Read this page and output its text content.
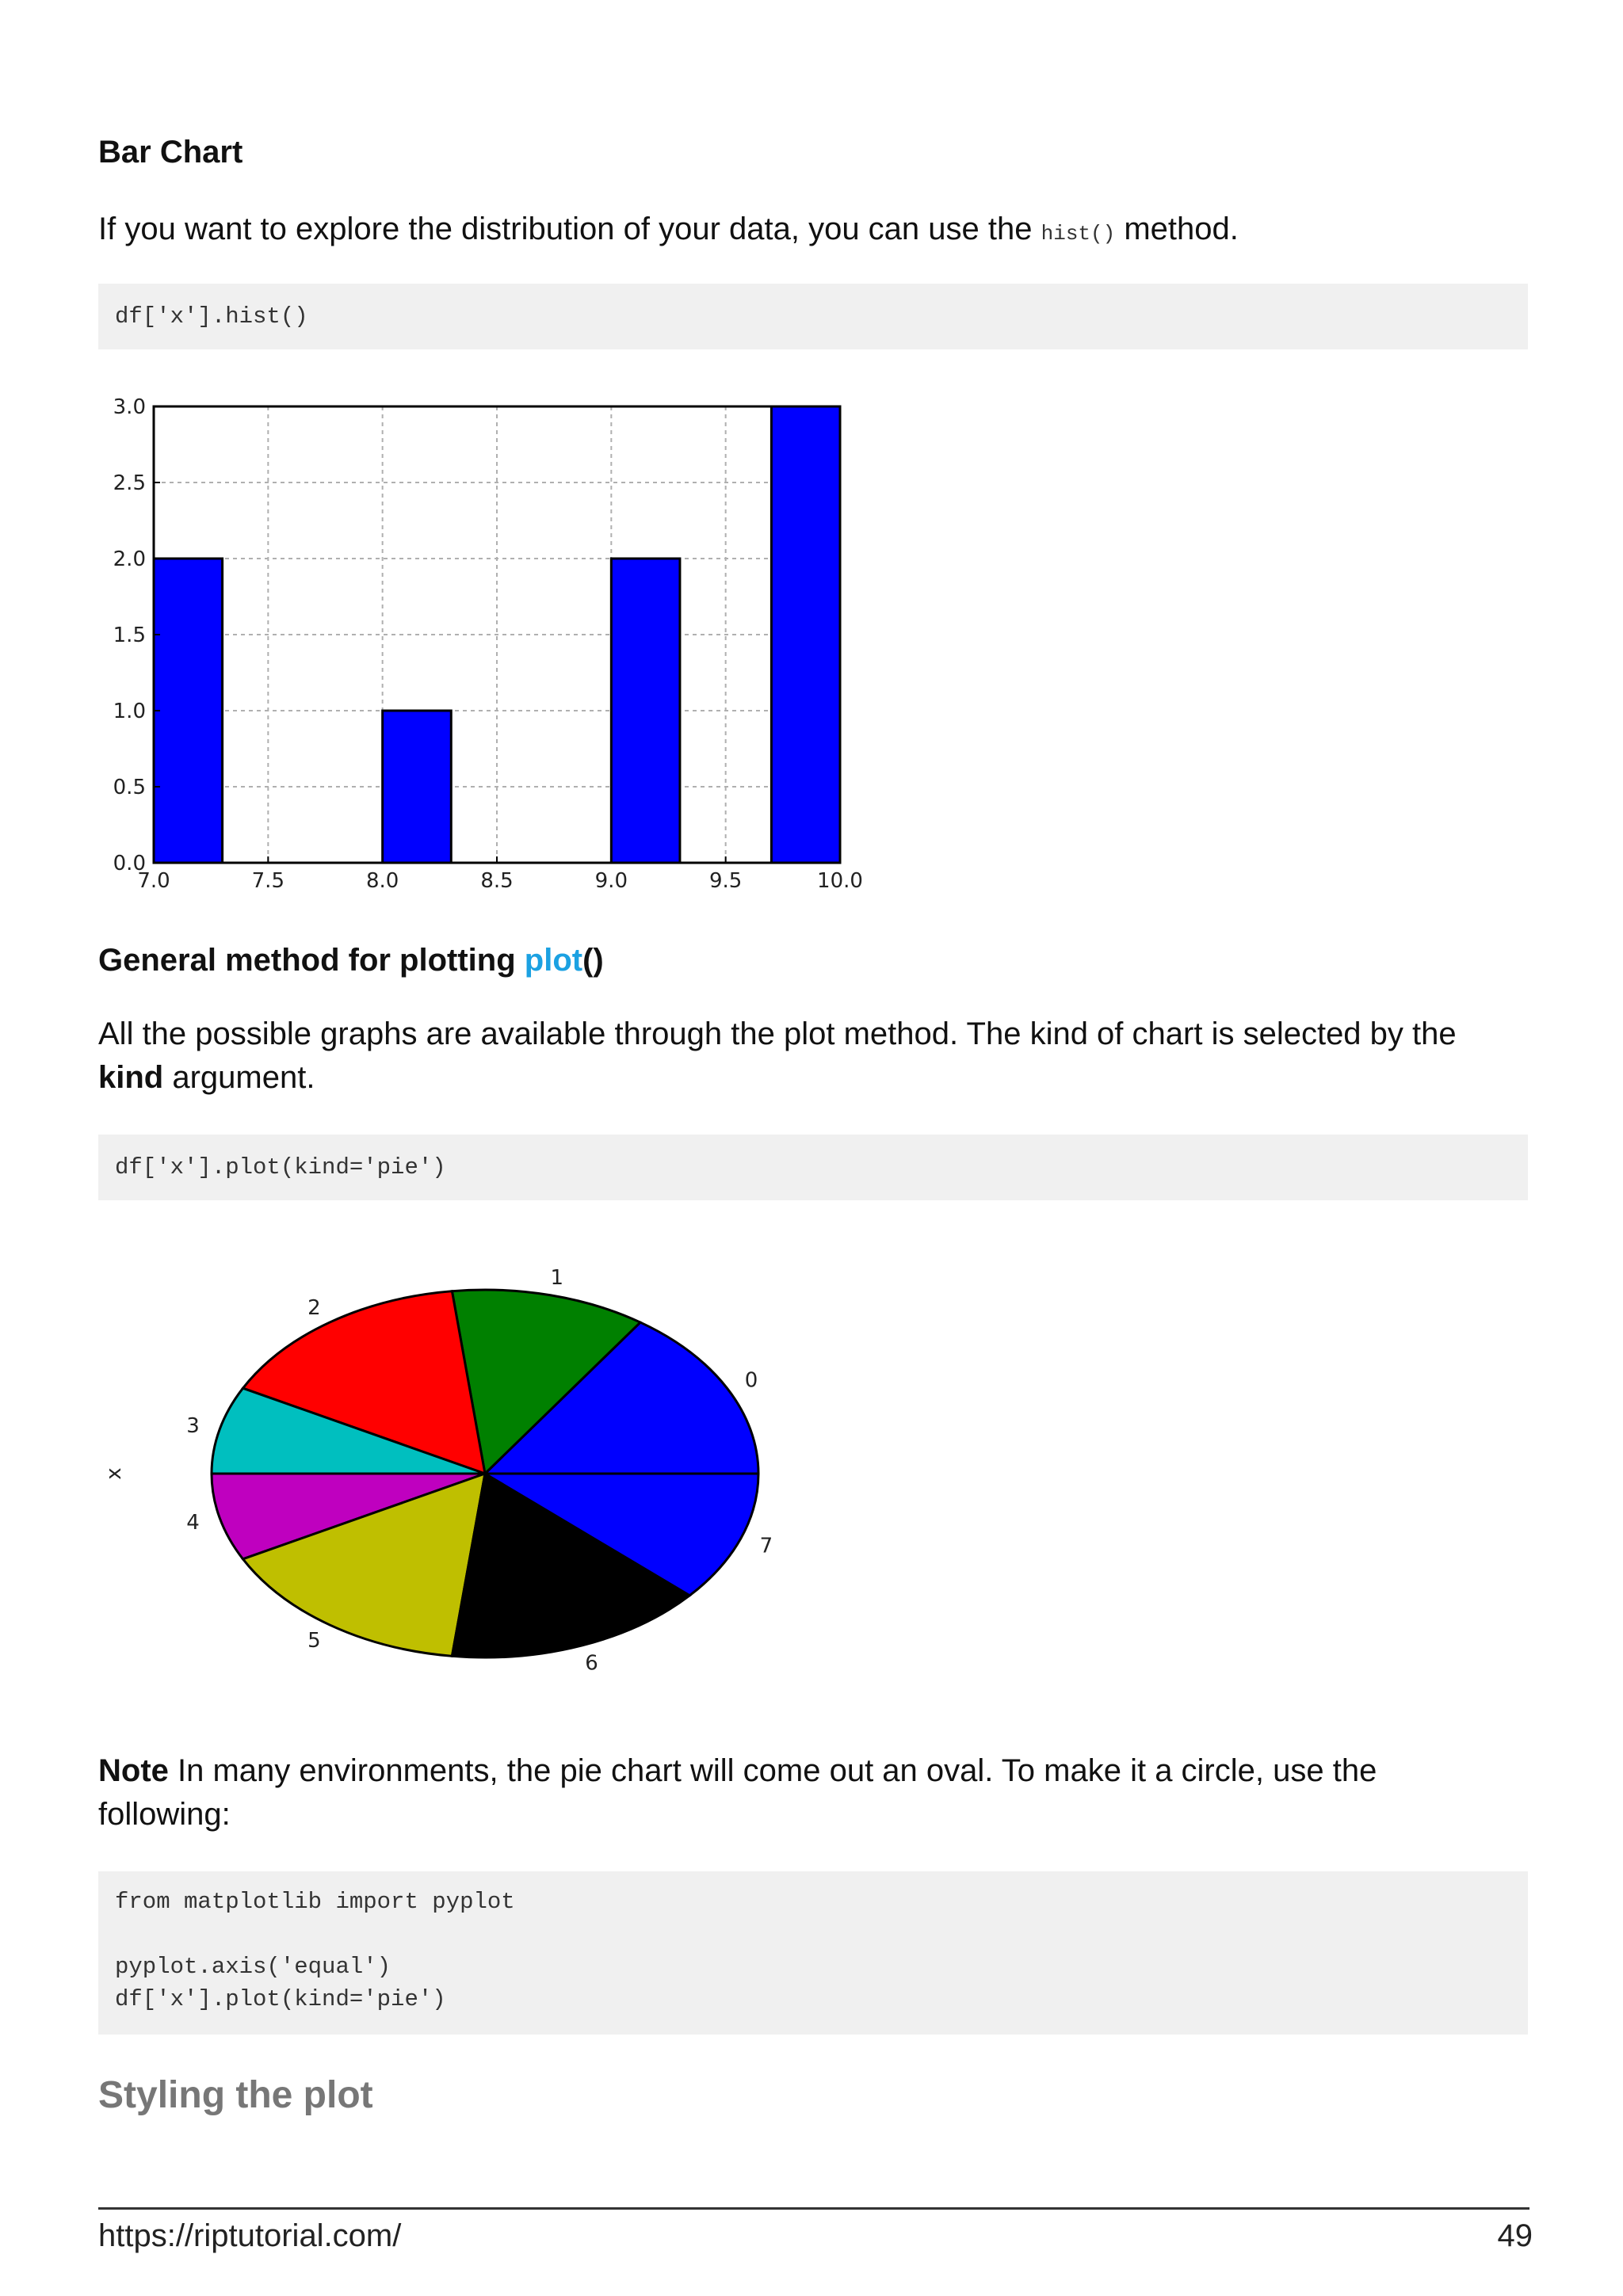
Bar Chart
If you want to explore the distribution of your data, you can use the hist() method.
df['x'].hist()
7.0	7.5	8.0	8.5	9.0	9.5	10.0
0.0
0.5
1.0
1.5
2.0
2.5
3.0
General method for plotting plot()
All the possible graphs are available through the plot method. The kind of chart is selected by the
kind argument.
df['x'].plot(kind='pie')
0
1
2
3
4
5
6
7
x
Note In many environments, the pie chart will come out an oval. To make it a circle, use the
following:
from matplotlib import pyplot
pyplot.axis('equal')
df['x'].plot(kind='pie')
Styling the plot
https://riptutorial.com/	49
